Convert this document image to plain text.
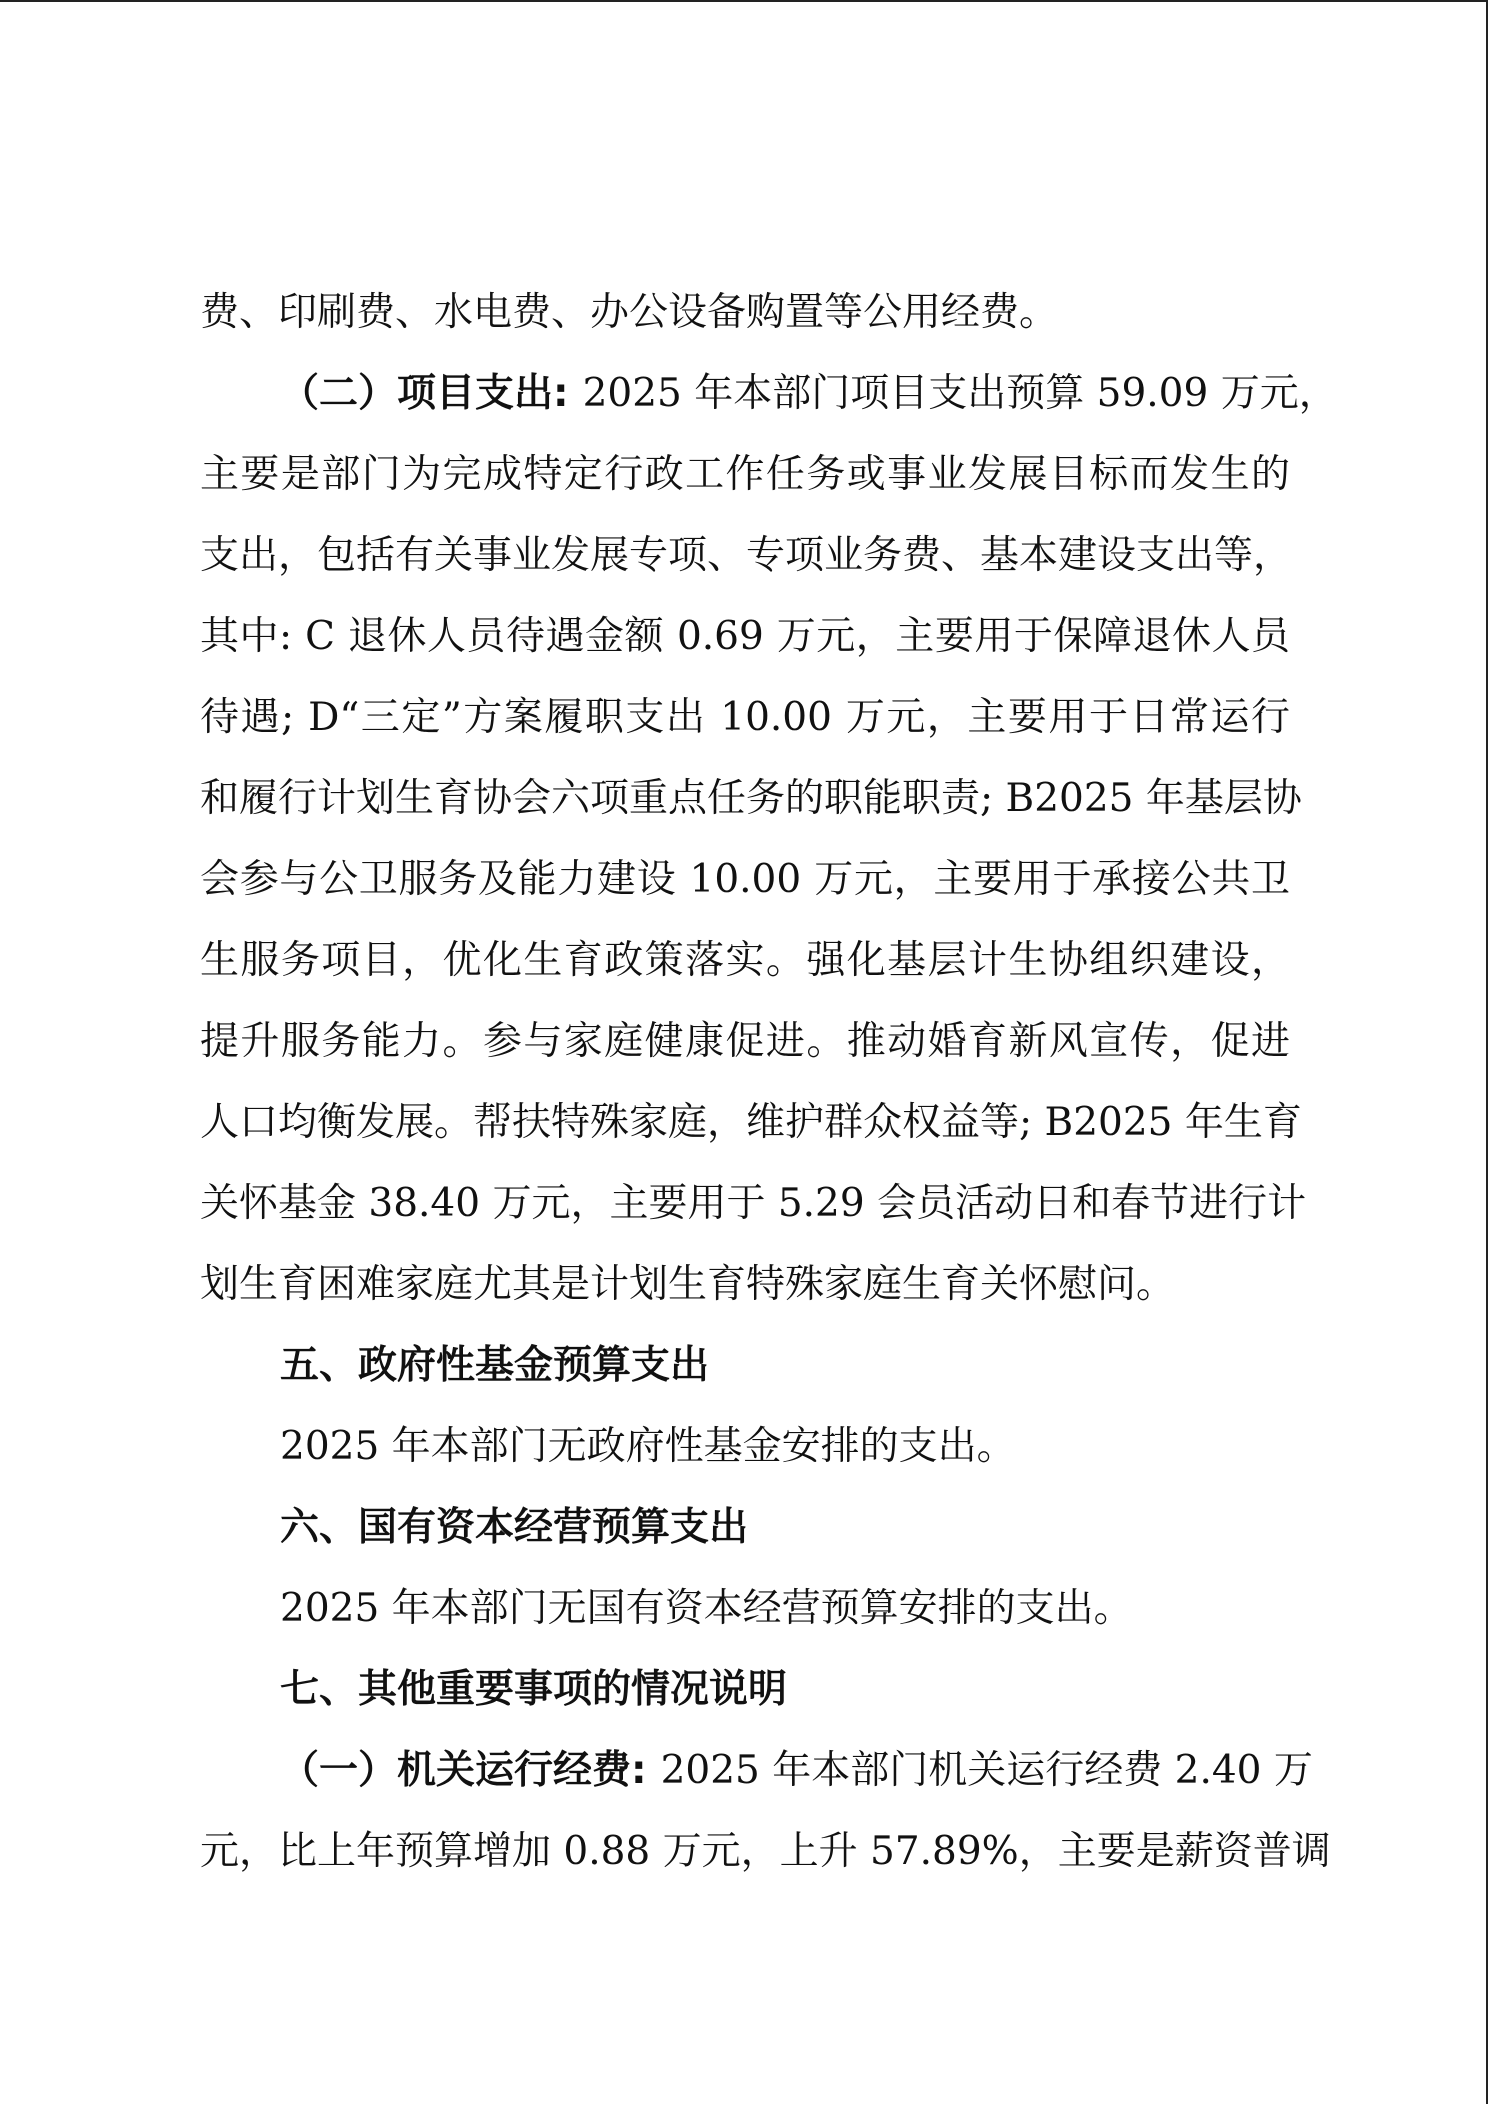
费、印刷费、水电费、办公设备购置等公用经费。
（二）项目支出: 2025 年本部门项目支出预算 59.09 万元，
主要是部门为完成特定行政工作任务或事业发展目标而发生的
支出，包括有关事业发展专项、专项业务费、基本建设支出等，
其中: C 退休人员待遇金额 0.69 万元，主要用于保障退休人员
待遇; D“三定”方案履职支出 10.00 万元，主要用于日常运行
和履行计划生育协会六项重点任务的职能职责; B2025 年基层协
会参与公卫服务及能力建设 10.00 万元，主要用于承接公共卫
生服务项目，优化生育政策落实。强化基层计生协组织建设，
提升服务能力。参与家庭健康促进。推动婚育新风宣传，促进
人口均衡发展。帮扶特殊家庭，维护群众权益等; B2025 年生育
关怀基金 38.40 万元，主要用于 5.29 会员活动日和春节进行计
划生育困难家庭尤其是计划生育特殊家庭生育关怀慰问。
五、政府性基金预算支出
2025 年本部门无政府性基金安排的支出。
六、国有资本经营预算支出
2025 年本部门无国有资本经营预算安排的支出。
七、其他重要事项的情况说明
（一）机关运行经费: 2025 年本部门机关运行经费 2.40 万
元，比上年预算增加 0.88 万元，上升 57.89%，主要是薪资普调
